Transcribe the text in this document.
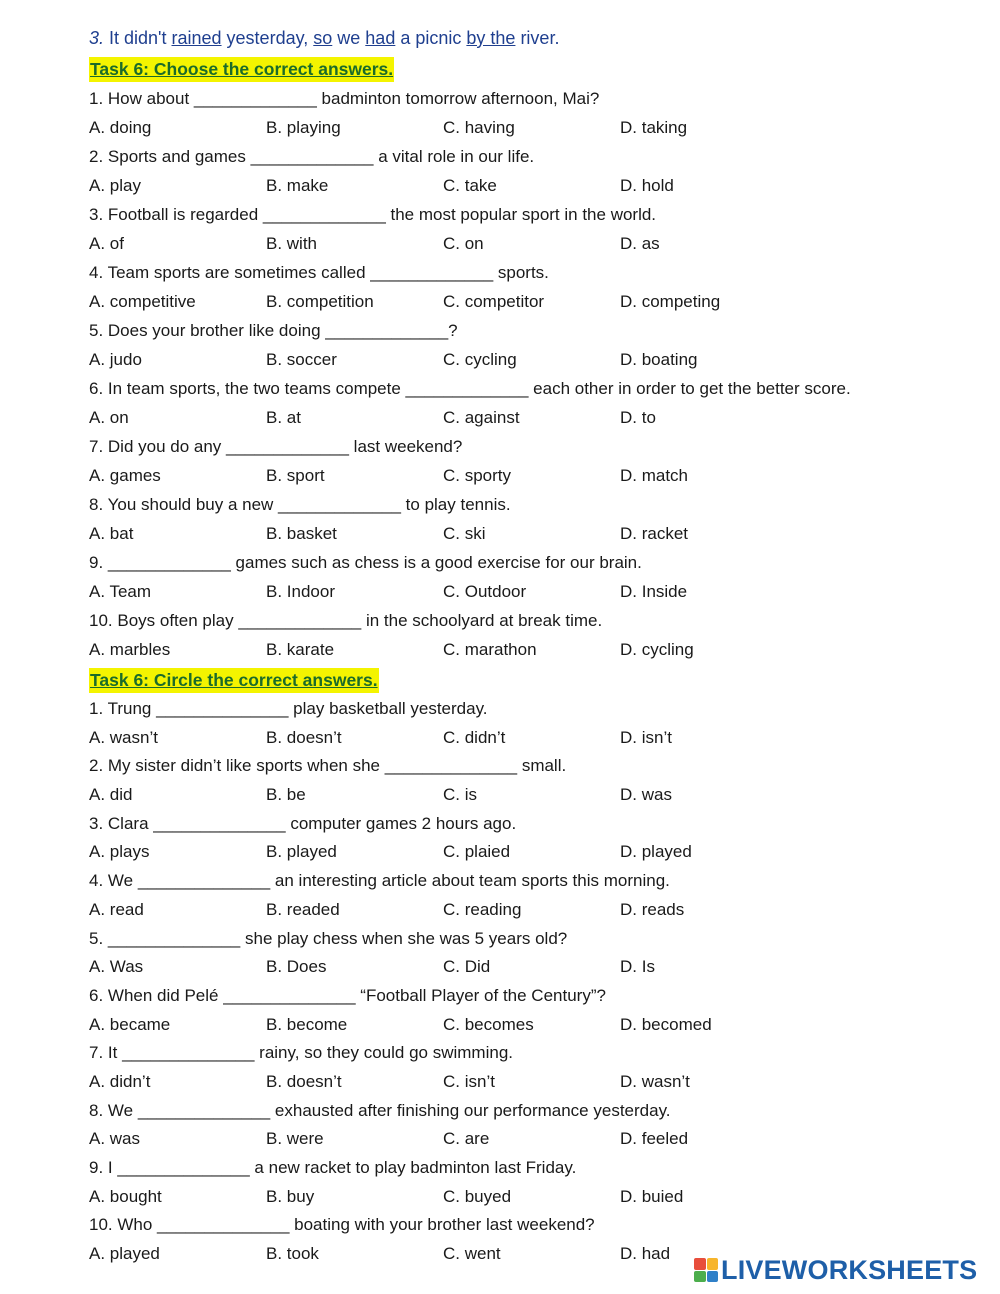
3. It didn't rained yesterday, so we had a picnic by the river.
Task 6: Choose the correct answers.
1. How about _____________ badminton tomorrow afternoon, Mai?
A. doing	B. playing	C. having	D. taking
2. Sports and games _____________ a vital role in our life.
A. play	B. make	C. take	D. hold
3. Football is regarded _____________ the most popular sport in the world.
A. of	B. with	C. on	D. as
4. Team sports are sometimes called _____________ sports.
A. competitive	B. competition	C. competitor	D. competing
5. Does your brother like doing _____________?
A. judo	B. soccer	C. cycling	D. boating
6. In team sports, the two teams compete _____________ each other in order to get the better score.
A. on	B. at	C. against	D. to
7. Did you do any _____________ last weekend?
A. games	B. sport	C. sporty	D. match
8. You should buy a new _____________ to play tennis.
A. bat	B. basket	C. ski	D. racket
9. _____________ games such as chess is a good exercise for our brain.
A. Team	B. Indoor	C. Outdoor	D. Inside
10. Boys often play _____________ in the schoolyard at break time.
A. marbles	B. karate	C. marathon	D. cycling
Task 6: Circle the correct answers.
1. Trung ______________ play basketball yesterday.
A. wasn’t	B. doesn’t	C. didn’t	D. isn’t
2. My sister didn’t like sports when she ______________ small.
A. did	B. be	C. is	D. was
3. Clara ______________ computer games 2 hours ago.
A. plays	B. played	C. plaied	D. played
4. We ______________ an interesting article about team sports this morning.
A. read	B. readed	C. reading	D. reads
5. ______________ she play chess when she was 5 years old?
A. Was	B. Does	C. Did	D. Is
6. When did Pelé ______________ “Football Player of the Century”?
A. became	B. become	C. becomes	D. becomed
7. It ______________ rainy, so they could go swimming.
A. didn’t	B. doesn’t	C. isn’t	D. wasn’t
8. We ______________ exhausted after finishing our performance yesterday.
A. was	B. were	C. are	D. feeled
9. I ______________ a new racket to play badminton last Friday.
A. bought	B. buy	C. buyed	D. buied
10. Who ______________ boating with your brother last weekend?
A. played	B. took	C. went	D. had
LIVEWORKSHEETS
